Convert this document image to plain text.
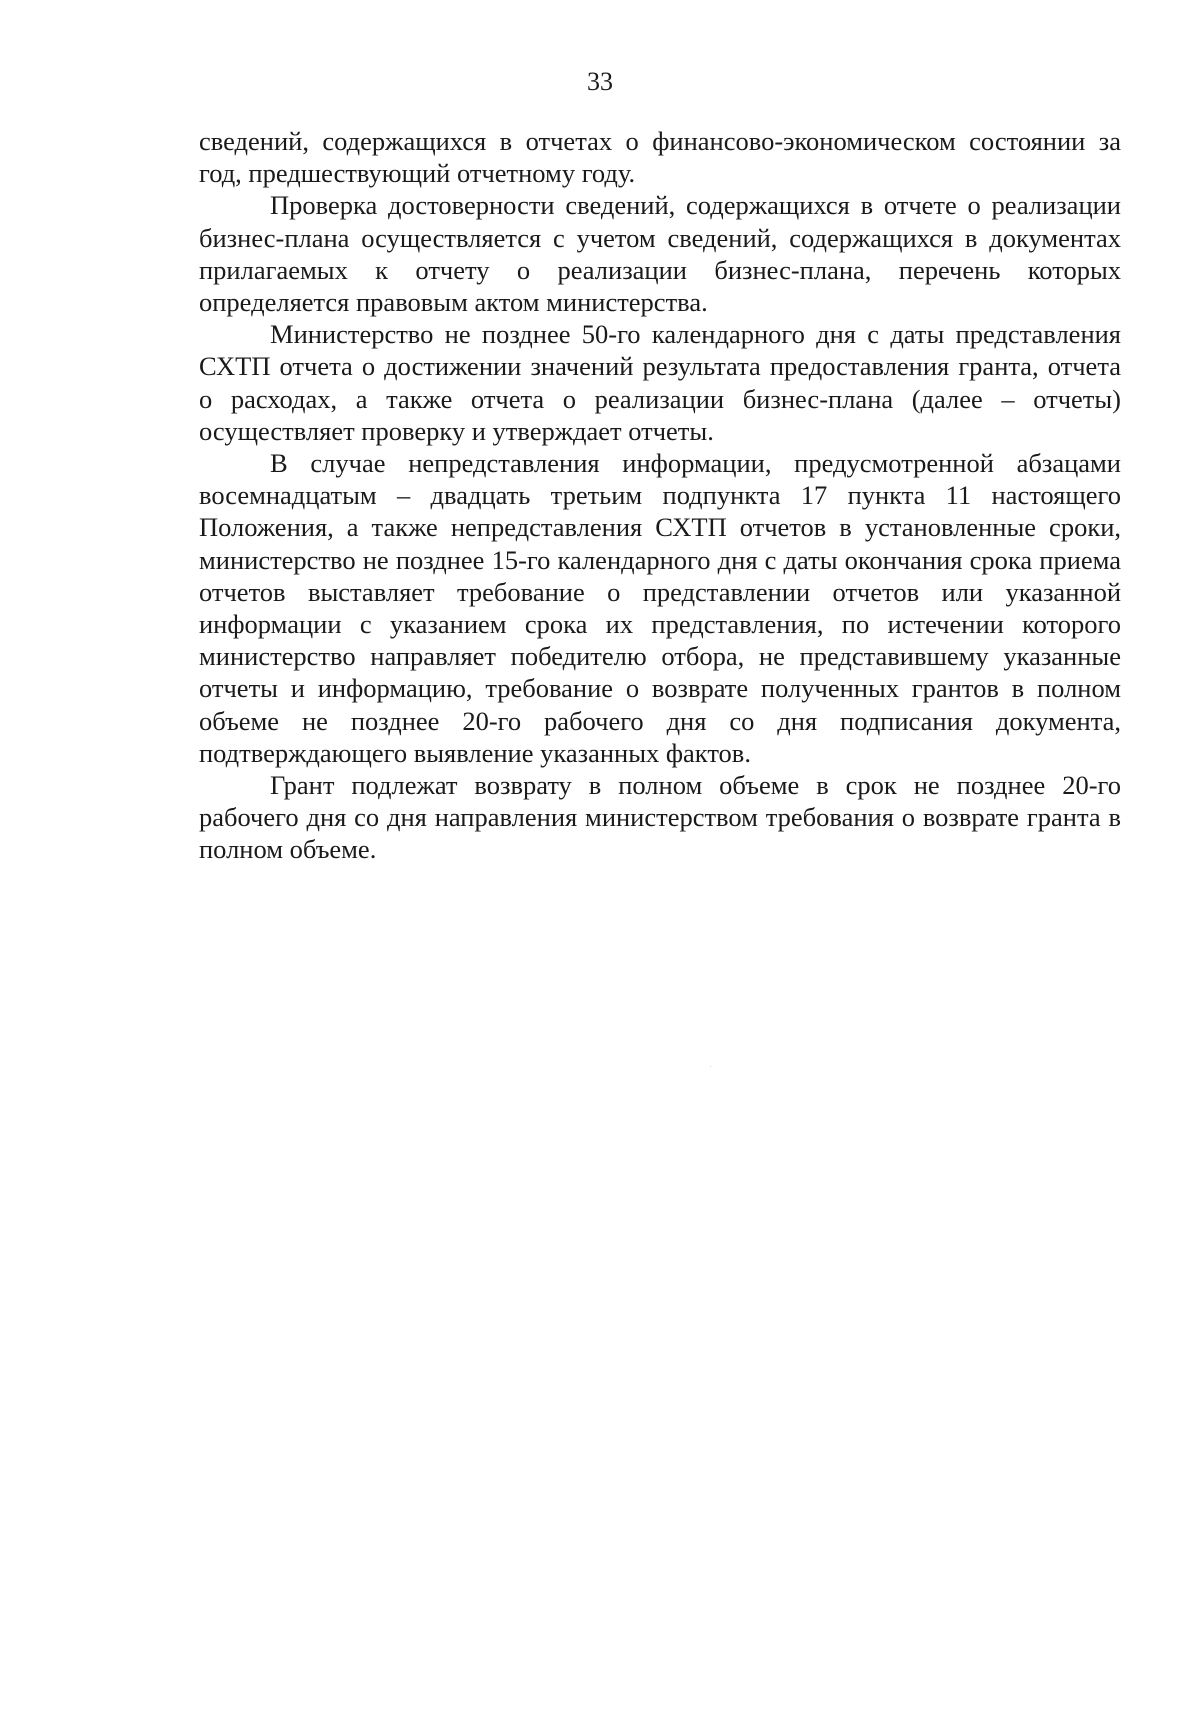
33

сведений, содержащихся в отчетах о финансово-экономическом состоянии за год, предшествующий отчетному году.

Проверка достоверности сведений, содержащихся в отчете о реализации бизнес-плана осуществляется с учетом сведений, содержащихся в документах прилагаемых к отчету о реализации бизнес-плана, перечень которых определяется правовым актом министерства.

Министерство не позднее 50-го календарного дня с даты представления СХТП отчета о достижении значений результата предоставления гранта, отчета о расходах, а также отчета о реализации бизнес-плана (далее – отчеты) осуществляет проверку и утверждает отчеты.

В случае непредставления информации, предусмотренной абзацами восемнадцатым – двадцать третьим подпункта 17 пункта 11 настоящего Положения, а также непредставления СХТП отчетов в установленные сроки, министерство не позднее 15-го календарного дня с даты окончания срока приема отчетов выставляет требование о представлении отчетов или указанной информации с указанием срока их представления, по истечении которого министерство направляет победителю отбора, не представившему указанные отчеты и информацию, требование о возврате полученных грантов в полном объеме не позднее 20-го рабочего дня со дня подписания документа, подтверждающего выявление указанных фактов.

Грант подлежат возврату в полном объеме в срок не позднее 20-го рабочего дня со дня направления министерством требования о возврате гранта в полном объеме.
